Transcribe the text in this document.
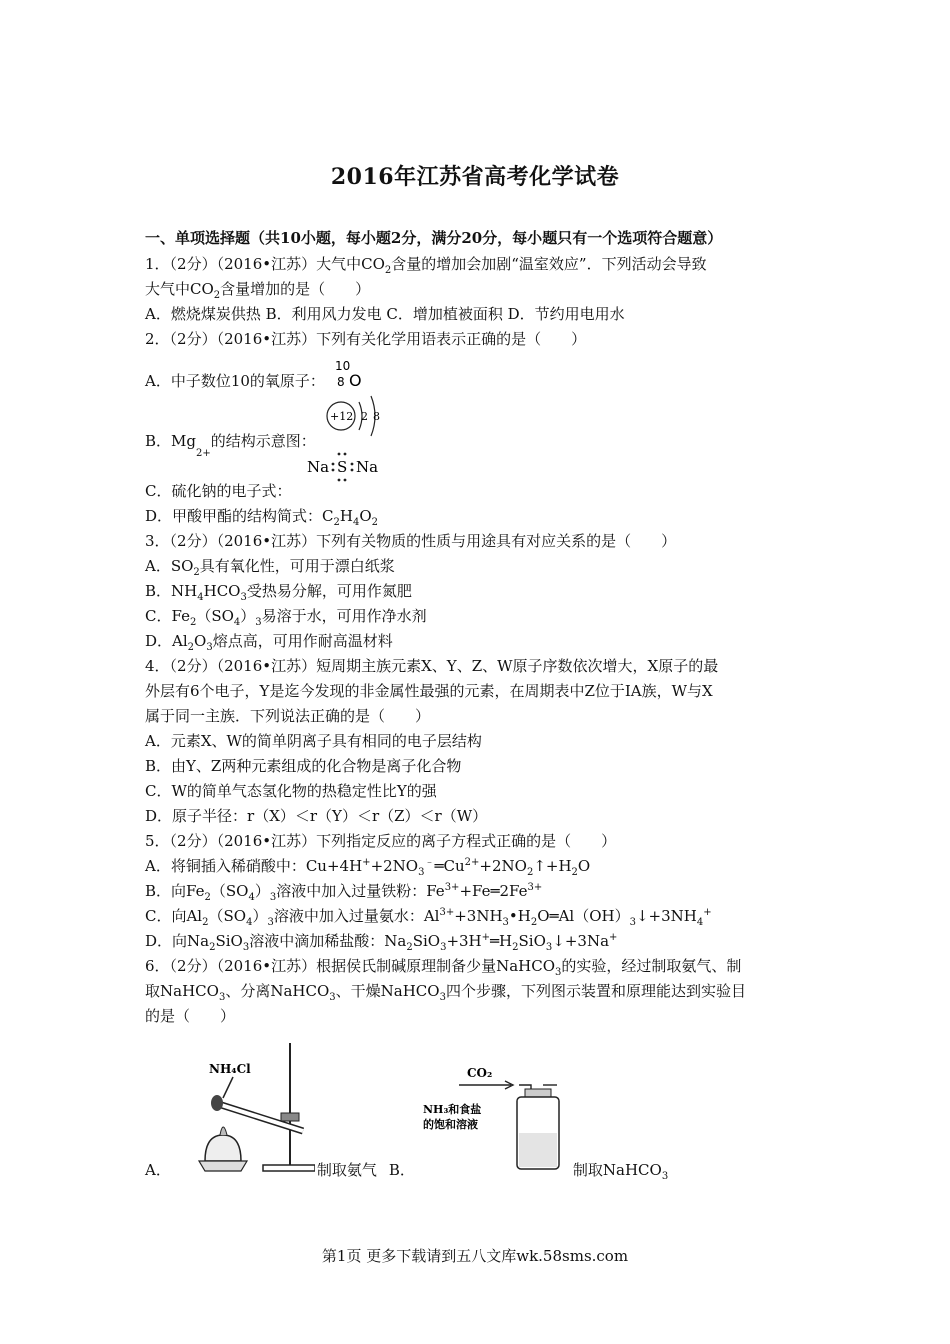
2016年江苏省高考化学试卷
一、单项选择题（共10小题，每小题2分，满分20分，每小题只有一个选项符合题意）
1．（2分）（2016•江苏）大气中$CO_2$含量的增加会加剧“温室效应”．下列活动会导致
大气中$CO_2$含量增加的是（　　）
A．燃烧煤炭供热 B．利用风力发电 C．增加植被面积 D．节约用电用水
2．（2分）（2016•江苏）下列有关化学用语表示正确的是（　　）
A．中子数位10的氧原子：
10
8 O
B．Mg
2+
的结构示意图：
+12 2 8
C．硫化钠的电子式：
Na S Na
D．甲酸甲酯的结构简式：$C_2H_4O_2$
3．（2分）（2016•江苏）下列有关物质的性质与用途具有对应关系的是（　　）
A．$SO_2$具有氧化性，可用于漂白纸浆
B．$NH_4HCO_3$受热易分解，可用作氮肥
C．$Fe_2(SO_4)_3$易溶于水，可用作净水剂
D．$Al_2O_3$熔点高，可用作耐高温材料
4．（2分）（2016•江苏）短周期主族元素X、Y、Z、W原子序数依次增大，X原子的最
外层有6个电子，Y是迄今发现的非金属性最强的元素，在周期表中Z位于IA族，W与X
属于同一主族．下列说法正确的是（　　）
A．元素X、W的简单阴离子具有相同的电子层结构
B．由Y、Z两种元素组成的化合物是离子化合物
C．W的简单气态氢化物的热稳定性比Y的强
D．原子半径：r（X）＜r（Y）＜r（Z）＜r（W）
5．（2分）（2016•江苏）下列指定反应的离子方程式正确的是（　　）
A．将铜插入稀硝酸中：$Cu+4H^++2NO_3^﹣═Cu^{2+}+2NO_2↑+H_2O$
B．向$Fe_2(SO_4)_3$溶液中加入过量铁粉：$Fe^{3+}+Fe═2Fe^{3+}$
C．向$Al_2(SO_4)_3$溶液中加入过量氨水：$Al^{3+}+3NH_3•H_2O═Al(OH)_3↓+3NH_4^+$
D．向$Na_2SiO_3$溶液中滴加稀盐酸：$Na_2SiO_3+3H^+═H_2SiO_3↓+3Na^+$
6．（2分）（2016•江苏）根据侯氏制碱原理制备少量NaHCO$_3$的实验，经过制取氨气、制
取NaHCO$_3$、分离NaHCO$_3$、干燥NaHCO$_3$四个步骤，下列图示装置和原理能达到实验目
的是（　　）
A．
NH₄Cl
制取氨气 B．
CO₂
NH₃和食盐
的饱和溶液
制取NaHCO$_3$
第1页 更多下载请到五八文库wk.58sms.com
